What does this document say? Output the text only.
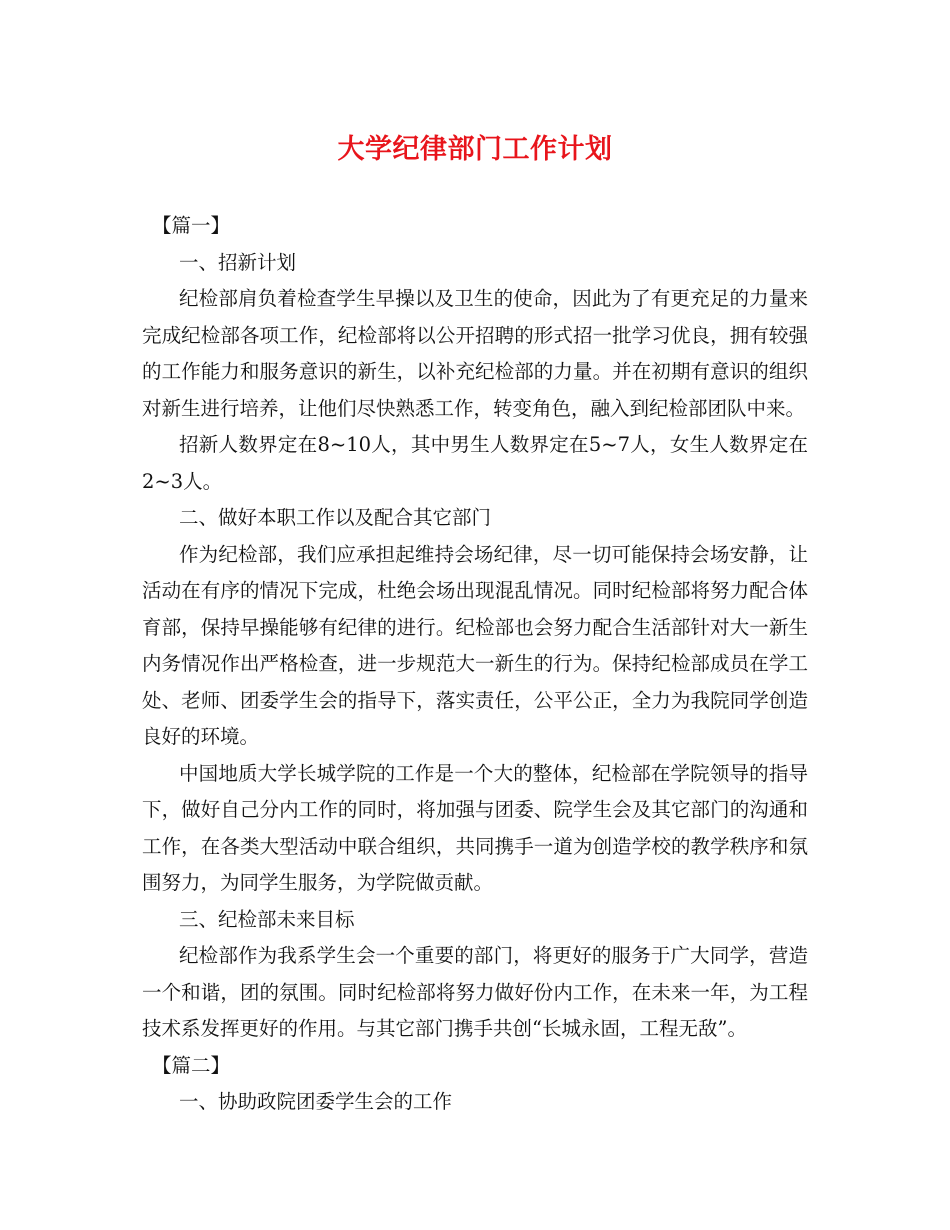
大学纪律部门工作计划

【篇一】

一、招新计划

纪检部肩负着检查学生早操以及卫生的使命，因此为了有更充足的力量来完成纪检部各项工作，纪检部将以公开招聘的形式招一批学习优良，拥有较强的工作能力和服务意识的新生，以补充纪检部的力量。并在初期有意识的组织对新生进行培养，让他们尽快熟悉工作，转变角色，融入到纪检部团队中来。

招新人数界定在8~10人，其中男生人数界定在5~7人，女生人数界定在2~3人。

二、做好本职工作以及配合其它部门

作为纪检部，我们应承担起维持会场纪律，尽一切可能保持会场安静，让活动在有序的情况下完成，杜绝会场出现混乱情况。同时纪检部将努力配合体育部，保持早操能够有纪律的进行。纪检部也会努力配合生活部针对大一新生内务情况作出严格检查，进一步规范大一新生的行为。保持纪检部成员在学工处、老师、团委学生会的指导下，落实责任，公平公正，全力为我院同学创造良好的环境。

中国地质大学长城学院的工作是一个大的整体，纪检部在学院领导的指导下，做好自己分内工作的同时，将加强与团委、院学生会及其它部门的沟通和工作，在各类大型活动中联合组织，共同携手一道为创造学校的教学秩序和氛围努力，为同学生服务，为学院做贡献。

三、纪检部未来目标

纪检部作为我系学生会一个重要的部门，将更好的服务于广大同学，营造一个和谐，团的氛围。同时纪检部将努力做好份内工作，在未来一年，为工程技术系发挥更好的作用。与其它部门携手共创“长城永固，工程无敌”。

【篇二】

一、协助政院团委学生会的工作
